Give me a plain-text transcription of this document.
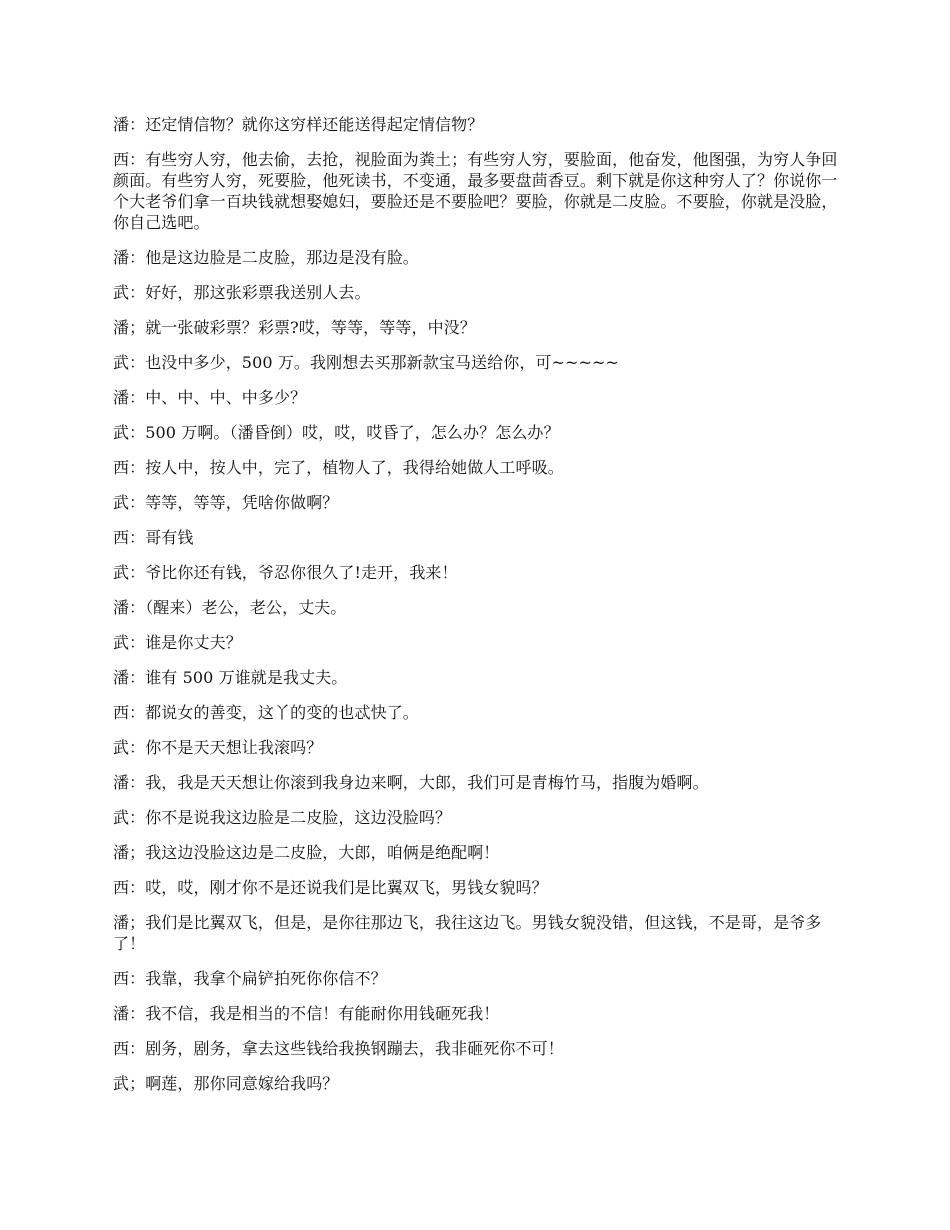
潘：还定情信物？就你这穷样还能送得起定情信物？

西：有些穷人穷，他去偷，去抢，视脸面为粪土；有些穷人穷，要脸面，他奋发，他图强，为穷人争回颜面。有些穷人穷，死要脸，他死读书，不变通，最多要盘茴香豆。剩下就是你这种穷人了？你说你一个大老爷们拿一百块钱就想娶媳妇，要脸还是不要脸吧？要脸，你就是二皮脸。不要脸，你就是没脸，你自己选吧。

潘：他是这边脸是二皮脸，那边是没有脸。

武：好好，那这张彩票我送别人去。

潘；就一张破彩票？彩票?哎，等等，等等，中没？

武：也没中多少，500 万。我刚想去买那新款宝马送给你，可~~~~~

潘：中、中、中、中多少？

武：500 万啊。（潘昏倒）哎，哎，哎昏了，怎么办？怎么办？

西：按人中，按人中，完了，植物人了，我得给她做人工呼吸。

武：等等，等等，凭啥你做啊？

西：哥有钱

武：爷比你还有钱，爷忍你很久了!走开，我来！

潘：（醒来）老公，老公，丈夫。

武：谁是你丈夫？

潘：谁有 500 万谁就是我丈夫。

西：都说女的善变，这丫的变的也忒快了。

武：你不是天天想让我滚吗？

潘：我，我是天天想让你滚到我身边来啊，大郎，我们可是青梅竹马，指腹为婚啊。

武：你不是说我这边脸是二皮脸，这边没脸吗？

潘；我这边没脸这边是二皮脸，大郎，咱俩是绝配啊！

西：哎，哎，刚才你不是还说我们是比翼双飞，男钱女貌吗？

潘；我们是比翼双飞，但是，是你往那边飞，我往这边飞。男钱女貌没错，但这钱，不是哥，是爷多了！

西：我靠，我拿个扁铲拍死你你信不？

潘：我不信，我是相当的不信！有能耐你用钱砸死我！

西：剧务，剧务，拿去这些钱给我换钢蹦去，我非砸死你不可！

武；啊莲，那你同意嫁给我吗？
